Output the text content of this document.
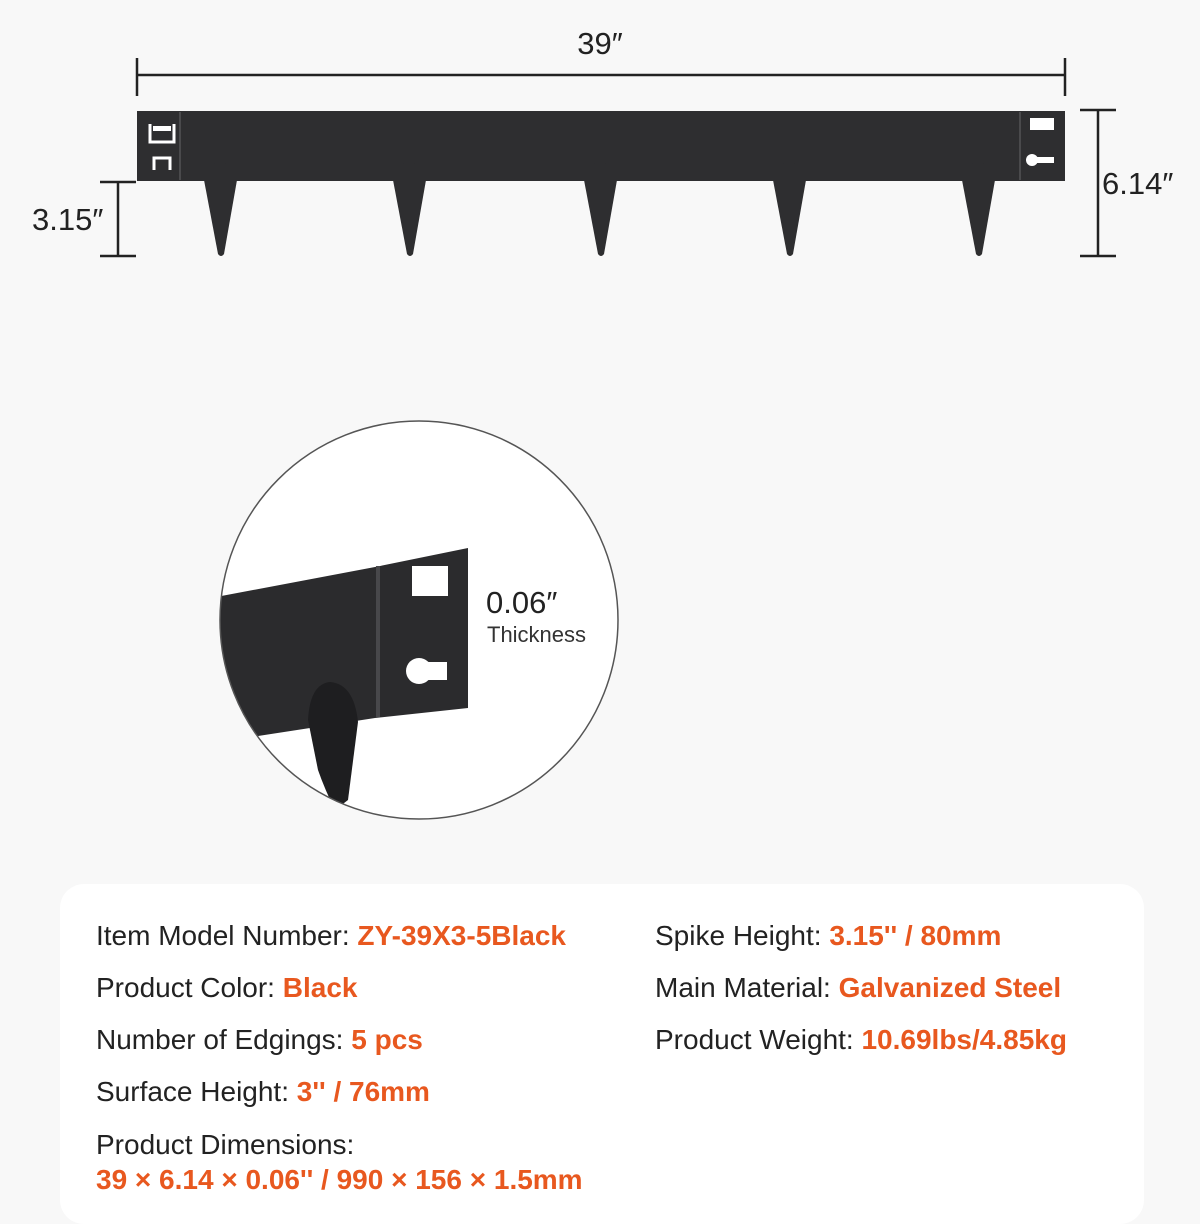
39″
6.14″
3.15″
0.06″
Thickness
Item Model Number: ZY-39X3-5Black
Product Color: Black
Number of Edgings: 5 pcs
Surface Height: 3'' / 76mm
Product Dimensions:
39 × 6.14 × 0.06'' / 990 × 156 × 1.5mm
Spike Height: 3.15'' / 80mm
Main Material: Galvanized Steel
Product Weight: 10.69lbs/4.85kg
